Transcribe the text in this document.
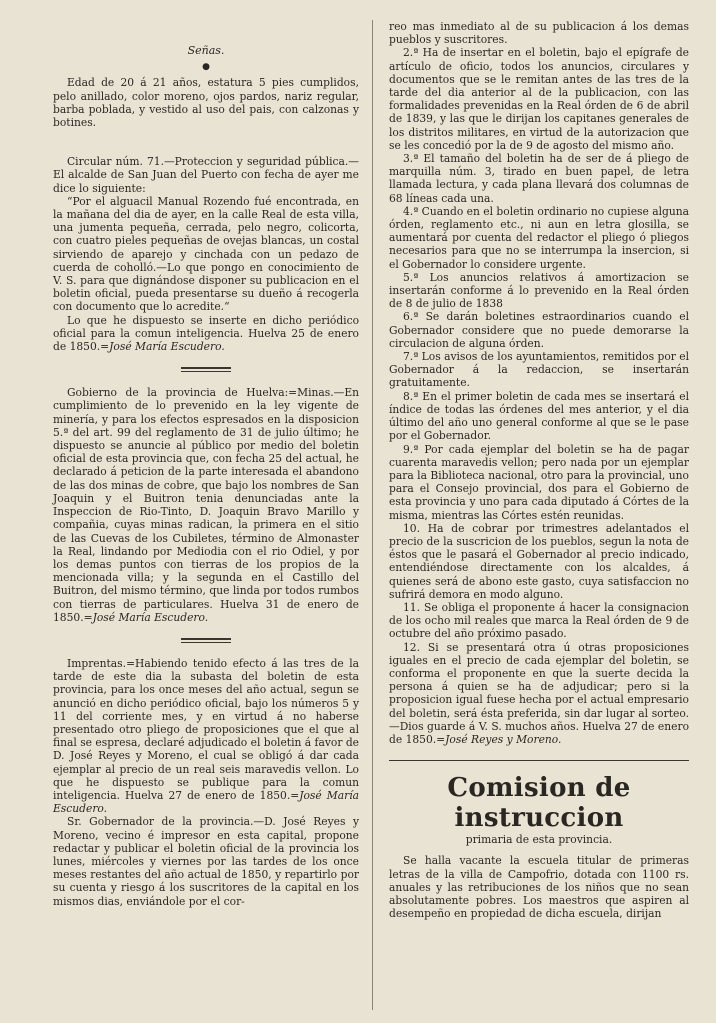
Señas.

●

Edad de 20 á 21 años, estatura 5 pies cumplidos, pelo anillado, color moreno, ojos pardos, nariz regular, barba poblada, y vestido al uso del pais, con calzonas y botines.

Circular núm. 71.—Proteccion y seguridad pública.—El alcalde de San Juan del Puerto con fecha de ayer me dice lo siguiente:

“Por el alguacil Manual Rozendo fué encontrada, en la mañana del dia de ayer, en la calle Real de esta villa, una jumenta pequeña, cerrada, pelo negro, colicorta, con cuatro pieles pequeñas de ovejas blancas, un costal sirviendo de aparejo y cinchada con un pedazo de cuerda de coholló.—Lo que pongo en conocimiento de V. S. para que dignándose disponer su publicacion en el boletin oficial, pueda presentarse su dueño á recogerla con documento que lo acredite.“

Lo que he dispuesto se inserte en dicho periódico oficial para la comun inteligencia. Huelva 25 de enero de 1850.=José María Escudero.

Gobierno de la provincia de Huelva:=Minas.—En cumplimiento de lo prevenido en la ley vigente de minería, y para los efectos espresados en la disposicion 5.ª del art. 99 del reglamento de 31 de julio último; he dispuesto se anuncie al público por medio del boletin oficial de esta provincia que, con fecha 25 del actual, he declarado á peticion de la parte interesada el abandono de las dos minas de cobre, que bajo los nombres de San Joaquin y el Buitron tenia denunciadas ante la Inspeccion de Rio-Tinto, D. Joaquin Bravo Marillo y compañia, cuyas minas radican, la primera en el sitio de las Cuevas de los Cubiletes, término de Almonaster la Real, lindando por Mediodia con el rio Odiel, y por los demas puntos con tierras de los propios de la mencionada villa; y la segunda en el Castillo del Buitron, del mismo término, que linda por todos rumbos con tierras de particulares. Huelva 31 de enero de 1850.=José María Escudero.

Imprentas.=Habiendo tenido efecto á las tres de la tarde de este dia la subasta del boletin de esta provincia, para los once meses del año actual, segun se anunció en dicho periódico oficial, bajo los números 5 y 11 del corriente mes, y en virtud á no haberse presentado otro pliego de proposiciones que el que al final se espresa, declaré adjudicado el boletin á favor de D. José Reyes y Moreno, el cual se obligó á dar cada ejemplar al precio de un real seis maravedis vellon. Lo que he dispuesto se publique para la comun inteligencia. Huelva 27 de enero de 1850.=José María Escudero.

Sr. Gobernador de la provincia.—D. José Reyes y Moreno, vecino é impresor en esta capital, propone redactar y publicar el boletin oficial de la provincia los lunes, miércoles y viernes por las tardes de los once meses restantes del año actual de 1850, y repartirlo por su cuenta y riesgo á los suscritores de la capital en los mismos dias, enviándole por el cor-

reo mas inmediato al de su publicacion á los demas pueblos y suscritores.

2.ª Ha de insertar en el boletin, bajo el epígrafe de artículo de oficio, todos los anuncios, circulares y documentos que se le remitan antes de las tres de la tarde del dia anterior al de la publicacion, con las formalidades prevenidas en la Real órden de 6 de abril de 1839, y las que le dirijan los capitanes generales de los distritos militares, en virtud de la autorizacion que se les concedió por la de 9 de agosto del mismo año.

3.ª El tamaño del boletin ha de ser de á pliego de marquilla núm. 3, tirado en buen papel, de letra llamada lectura, y cada plana llevará dos columnas de 68 líneas cada una.

4.ª Cuando en el boletin ordinario no cupiese alguna órden, reglamento etc., ni aun en letra glosilla, se aumentará por cuenta del redactor el pliego ó pliegos necesarios para que no se interrumpa la insercion, si el Gobernador lo considere urgente.

5.ª Los anuncios relativos á amortizacion se insertarán conforme á lo prevenido en la Real órden de 8 de julio de 1838

6.ª Se darán boletines estraordinarios cuando el Gobernador considere que no puede demorarse la circulacion de alguna órden.

7.ª Los avisos de los ayuntamientos, remitidos por el Gobernador á la redaccion, se insertarán gratuitamente.

8.ª En el primer boletin de cada mes se insertará el índice de todas las órdenes del mes anterior, y el dia último del año uno general conforme al que se le pase por el Gobernador.

9.ª Por cada ejemplar del boletin se ha de pagar cuarenta maravedis vellon; pero nada por un ejemplar para la Biblioteca nacional, otro para la provincial, uno para el Consejo provincial, dos para el Gobierno de esta provincia y uno para cada diputado á Córtes de la misma, mientras las Córtes estén reunidas.

10. Ha de cobrar por trimestres adelantados el precio de la suscricion de los pueblos, segun la nota de éstos que le pasará el Gobernador al precio indicado, entendiéndose directamente con los alcaldes, á quienes será de abono este gasto, cuya satisfaccion no sufrirá demora en modo alguno.

11. Se obliga el proponente á hacer la consignacion de los ocho mil reales que marca la Real órden de 9 de octubre del año próximo pasado.

12. Si se presentará otra ú otras proposiciones iguales en el precio de cada ejemplar del boletin, se conforma el proponente en que la suerte decida la persona á quien se ha de adjudicar; pero si la proposicion igual fuese hecha por el actual empresario del boletin, será ésta preferida, sin dar lugar al sorteo.—Dios guarde á V. S. muchos años. Huelva 27 de enero de 1850.=José Reyes y Moreno.

Comision de instruccion

primaria de esta provincia.

Se halla vacante la escuela titular de primeras letras de la villa de Campofrio, dotada con 1100 rs. anuales y las retribuciones de los niños que no sean absolutamente pobres. Los maestros que aspiren al desempeño en propiedad de dicha escuela, dirijan
